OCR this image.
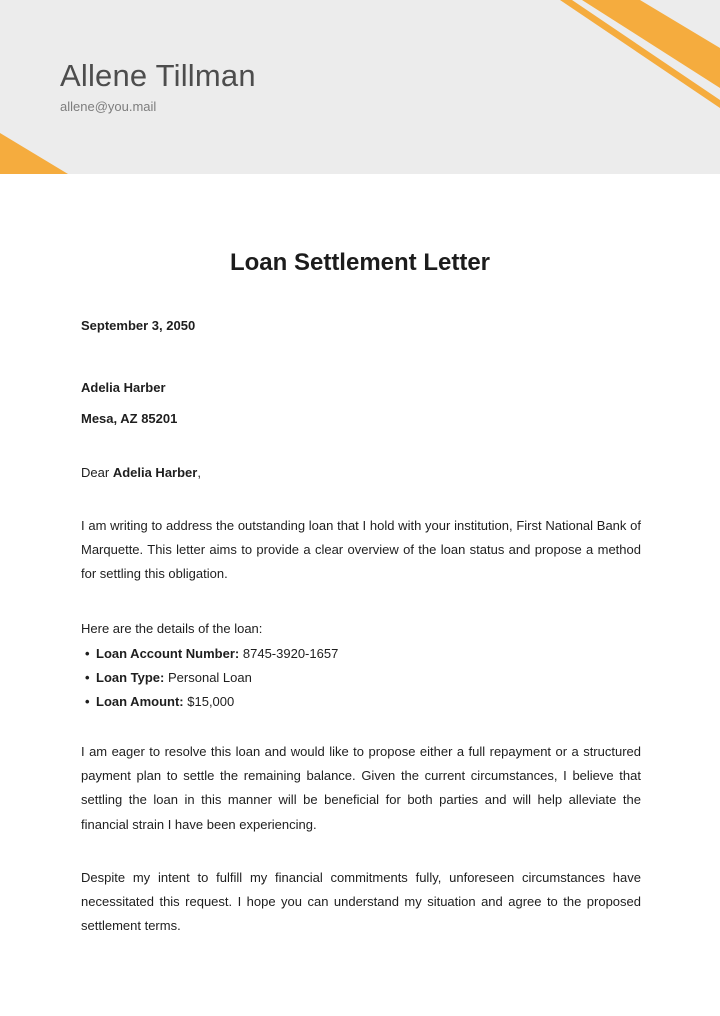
Allene Tillman
allene@you.mail
Loan Settlement Letter
September 3, 2050
Adelia Harber
Mesa, AZ 85201
Dear Adelia Harber,

I am writing to address the outstanding loan that I hold with your institution, First National Bank of Marquette. This letter aims to provide a clear overview of the loan status and propose a method for settling this obligation.

Here are the details of the loan:
• Loan Account Number: 8745-3920-1657
• Loan Type: Personal Loan
• Loan Amount: $15,000

I am eager to resolve this loan and would like to propose either a full repayment or a structured payment plan to settle the remaining balance. Given the current circumstances, I believe that settling the loan in this manner will be beneficial for both parties and will help alleviate the financial strain I have been experiencing.

Despite my intent to fulfill my financial commitments fully, unforeseen circumstances have necessitated this request. I hope you can understand my situation and agree to the proposed settlement terms.
